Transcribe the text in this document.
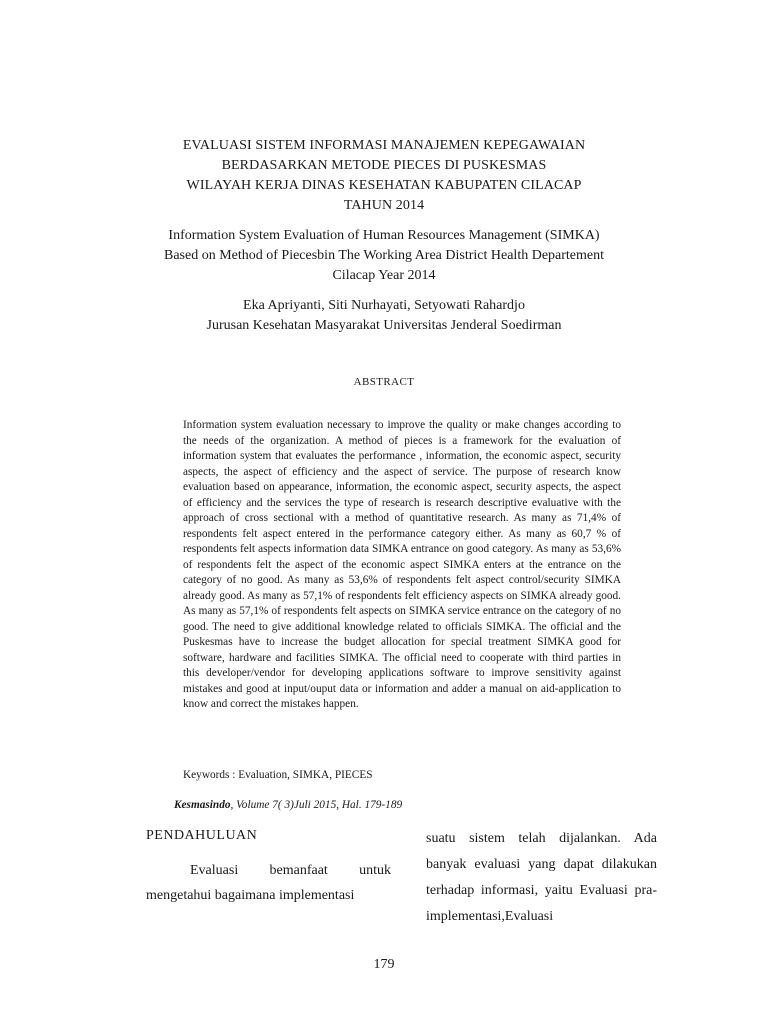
EVALUASI SISTEM INFORMASI MANAJEMEN KEPEGAWAIAN
BERDASARKAN METODE PIECES DI PUSKESMAS
WILAYAH KERJA DINAS KESEHATAN KABUPATEN CILACAP
TAHUN 2014
Information System Evaluation of Human Resources Management (SIMKA)
Based on Method of Piecesbin The Working Area District Health Departement
Cilacap Year 2014
Eka Apriyanti, Siti Nurhayati, Setyowati Rahardjo
Jurusan Kesehatan Masyarakat Universitas Jenderal Soedirman
ABSTRACT

Information system evaluation necessary to improve the quality or make changes according to the needs of the organization. A method of pieces is a framework for the evaluation of information system that evaluates the performance , information, the economic aspect, security aspects, the aspect of efficiency and the aspect of service. The purpose of research know evaluation based on appearance, information, the economic aspect, security aspects, the aspect of efficiency and the services the type of research is research descriptive evaluative with the approach of cross sectional with a method of quantitative research. As many as 71,4% of respondents felt aspect entered in the performance category either. As many as 60,7 % of respondents felt aspects information data SIMKA entrance on good category. As many as 53,6% of respondents felt the aspect of the economic aspect SIMKA enters at the entrance on the category of no good. As many as 53,6% of respondents felt aspect control/security SIMKA already good. As many as 57,1% of respondents felt efficiency aspects on SIMKA already good. As many as 57,1% of respondents felt aspects on SIMKA service entrance on the category of no good. The need to give additional knowledge related to officials SIMKA. The official and the Puskesmas have to increase the budget allocation for special treatment SIMKA good for software, hardware and facilities SIMKA. The official need to cooperate with third parties in this developer/vendor for developing applications software to improve sensitivity against mistakes and good at input/ouput data or information and adder a manual on aid-application to know and correct the mistakes happen.

Keywords : Evaluation, SIMKA, PIECES
Kesmasindo, Volume 7( 3)Juli 2015, Hal. 179-189
PENDAHULUAN

Evaluasi bemanfaat untuk mengetahui bagaimana implementasi

suatu sistem telah dijalankan. Ada banyak evaluasi yang dapat dilakukan terhadap informasi, yaitu Evaluasi pra-implementasi,Evaluasi

179
